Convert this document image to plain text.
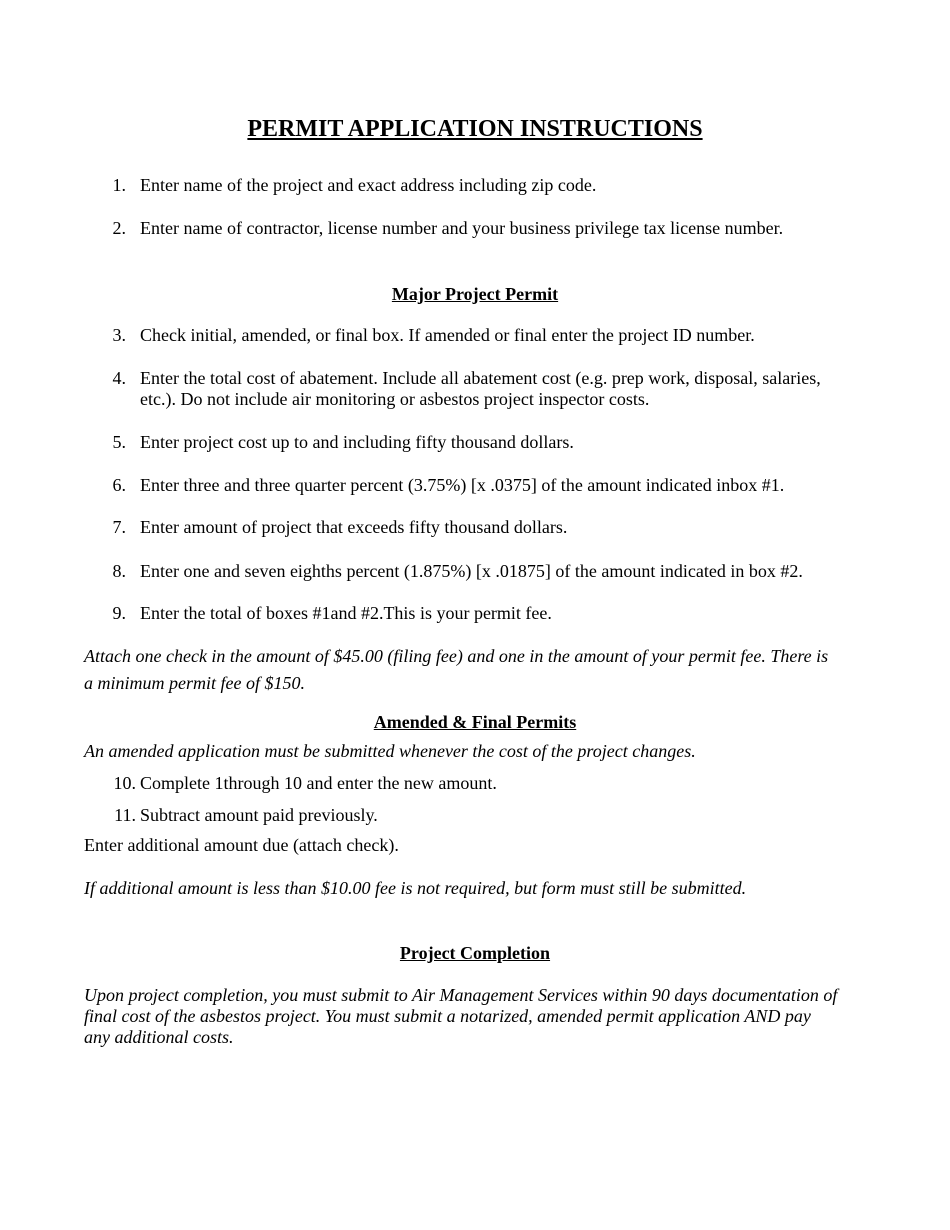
PERMIT APPLICATION INSTRUCTIONS
1. Enter name of the project and exact address including zip code.
2. Enter name of contractor, license number and your business privilege tax license number.
Major Project Permit
3. Check initial, amended, or final box. If amended or final enter the project ID number.
4. Enter the total cost of abatement. Include all abatement cost (e.g. prep work, disposal, salaries,
etc.). Do not include air monitoring or asbestos project inspector costs.
5. Enter project cost up to and including fifty thousand dollars.
6. Enter three and three quarter percent (3.75%) [x .0375] of the amount indicated inbox #1.
7. Enter amount of project that exceeds fifty thousand dollars.
8. Enter one and seven eighths percent (1.875%) [x .01875] of the amount indicated in box #2.
9. Enter the total of boxes #1and #2.This is your permit fee.

Attach one check in the amount of $45.00 (filing fee) and one in the amount of your permit fee. There is
a minimum permit fee of $150.

Amended & Final Permits

An amended application must be submitted whenever the cost of the project changes.

10. Complete 1through 10 and enter the new amount.
11. Subtract amount paid previously.

Enter additional amount due (attach check).

If additional amount is less than $10.00 fee is not required, but form must still be submitted.

Project Completion

Upon project completion, you must submit to Air Management Services within 90 days documentation of
final cost of the asbestos project. You must submit a notarized, amended permit application AND pay
any additional costs.
